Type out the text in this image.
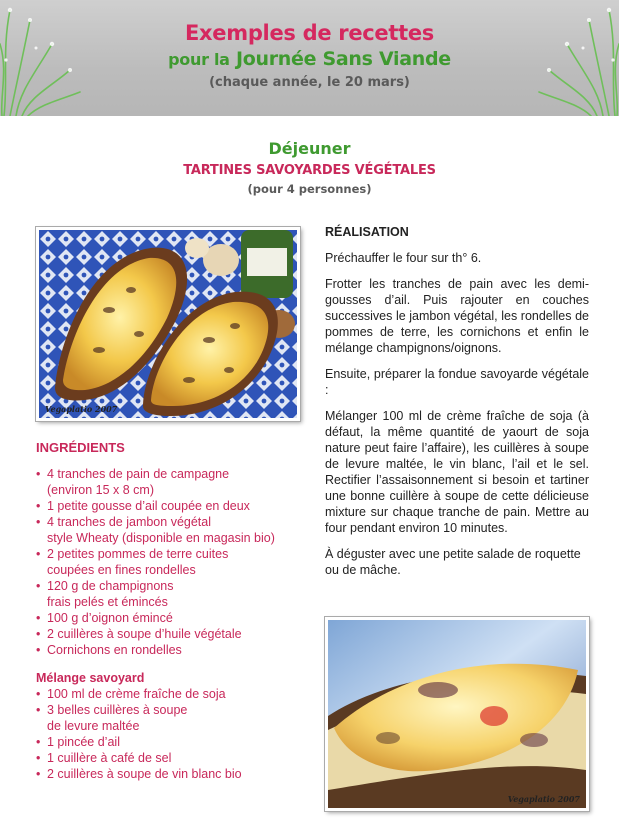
Exemples de recettes
pour la Journée Sans Viande
(chaque année, le 20 mars)
Déjeuner
TARTINES SAVOYARDES VÉGÉTALES
(pour 4 personnes)
Vegaplatio 2007
INGRÉDIENTS
• 4 tranches de pain de campagne
(environ 15 x 8 cm)
• 1 petite gousse d’ail coupée en deux
• 4 tranches de jambon végétal
style Wheaty (disponible en magasin bio)
• 2 petites pommes de terre cuites
coupées en fines rondelles
• 120 g de champignons
frais pelés et émincés
• 100 g d’oignon émincé
• 2 cuillères à soupe d’huile végétale
• Cornichons en rondelles
Mélange savoyard
• 100 ml de crème fraîche de soja
• 3 belles cuillères à soupe
de levure maltée
• 1 pincée d’ail
• 1 cuillère à café de sel
• 2 cuillères à soupe de vin blanc bio
RÉALISATION

Préchauffer le four sur th° 6.

Frotter les tranches de pain avec les demi-gousses d’ail. Puis rajouter en couches successives le jambon végétal, les rondelles de pommes de terre, les cornichons et enfin le mélange champignons/oignons.

Ensuite, préparer la fondue savoyarde végétale :

Mélanger 100 ml de crème fraîche de soja (à défaut, la même quantité de yaourt de soja nature peut faire l’affaire), les cuillères à soupe de levure maltée, le vin blanc, l’ail et le sel. Rectifier l’assaisonnement si besoin et tartiner une bonne cuillère à soupe de cette délicieuse mixture sur chaque tranche de pain. Mettre au four pendant environ 10 minutes.

À déguster avec une petite salade de roquette ou de mâche.

Vegaplatio 2007
